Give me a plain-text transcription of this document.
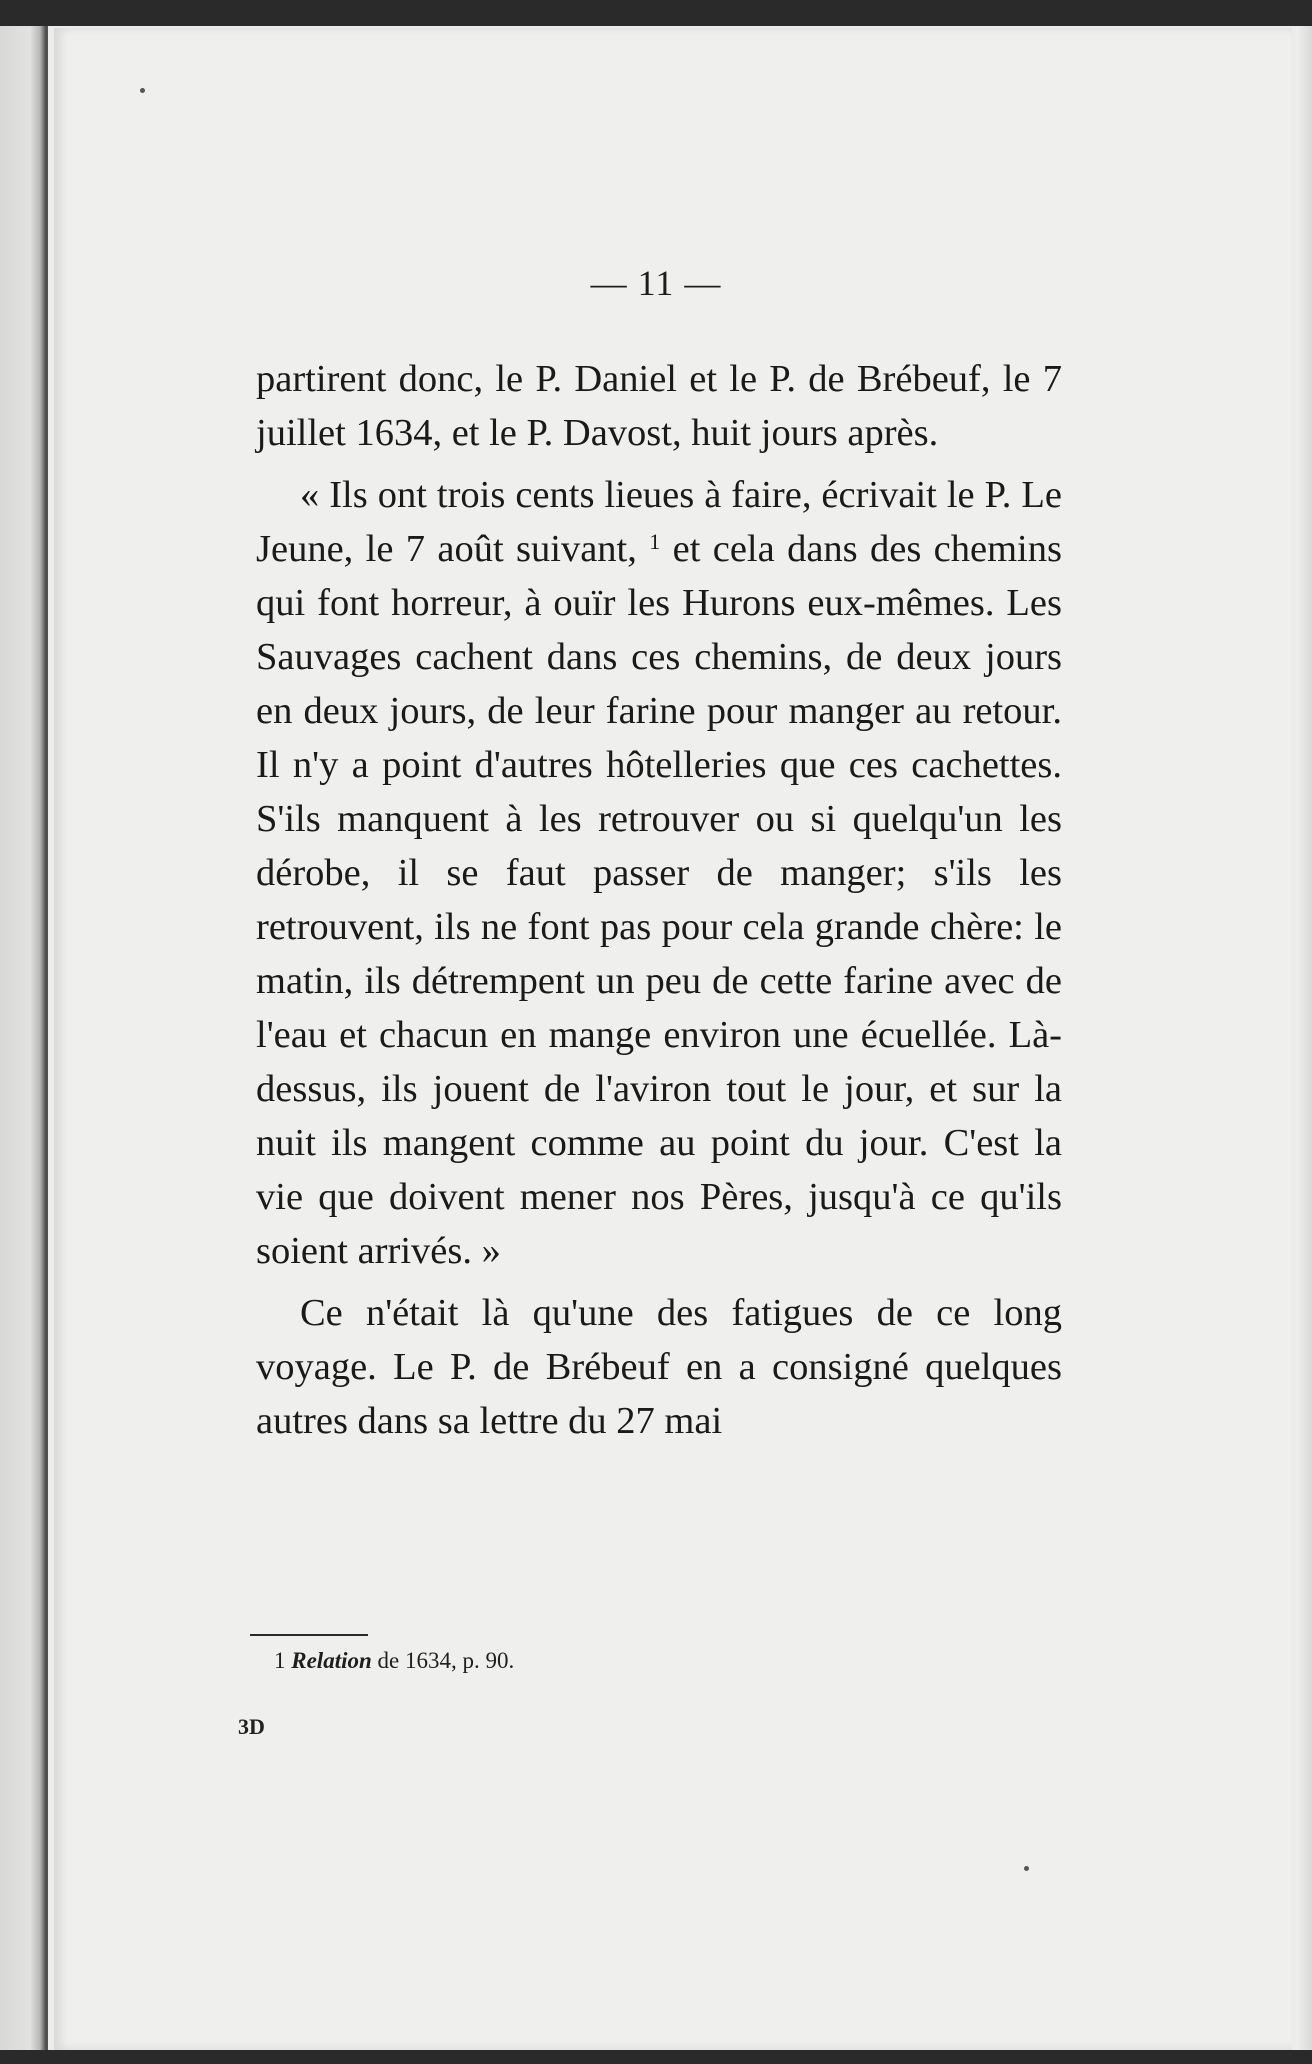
— 11 —

partirent donc, le P. Daniel et le P. de Brébeuf, le 7 juillet 1634, et le P. Davost, huit jours après.

« Ils ont trois cents lieues à faire, écrivait le P. Le Jeune, le 7 août suivant, $^1$ et cela dans des chemins qui font horreur, à ouïr les Hurons eux-mêmes. Les Sauvages cachent dans ces chemins, de deux jours en deux jours, de leur farine pour manger au retour. Il n'y a point d'autres hôtelleries que ces cachettes. S'ils manquent à les retrouver ou si quelqu'un les dérobe, il se faut passer de manger; s'ils les retrouvent, ils ne font pas pour cela grande chère: le matin, ils détrempent un peu de cette farine avec de l'eau et chacun en mange environ une écuellée. Là-dessus, ils jouent de l'aviron tout le jour, et sur la nuit ils mangent comme au point du jour. C'est la vie que doivent mener nos Pères, jusqu'à ce qu'ils soient arrivés. »

Ce n'était là qu'une des fatigues de ce long voyage. Le P. de Brébeuf en a consigné quelques autres dans sa lettre du 27 mai

1 Relation de 1634, p. 90.
3D
